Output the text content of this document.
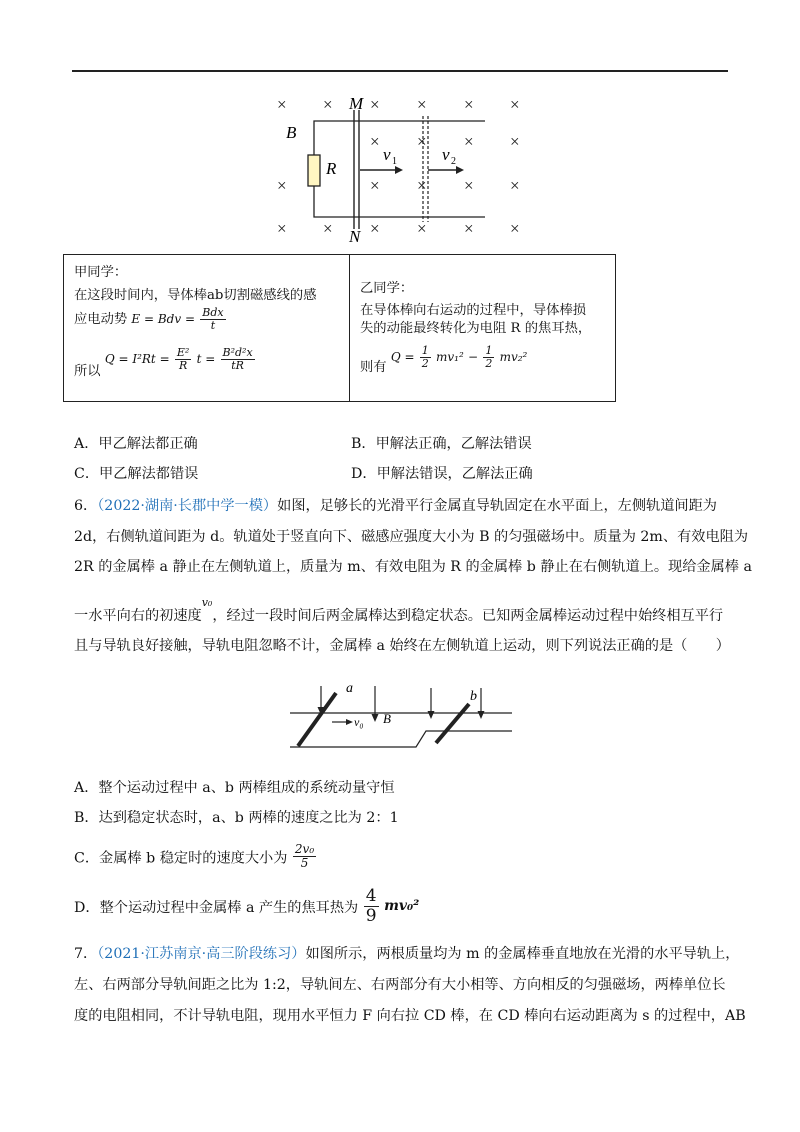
× × × × × ×
× × × ×
×	× × × ×
× × × × × ×
R
B
M
N
v 1	v 2
甲同学：
在这段时间内，导体棒ab切割磁感线的感
应电动势 E = Bdv = $\frac{\text{Bdx}}{t}$
所以 $Q = I^2Rt = \frac{\text{E²}}{R}$ $t = \frac{\text{B²d²x}}{tR}$
乙同学：
在导体棒向右运动的过程中，导体棒损
失的动能最终转化为电阻 R 的焦耳热，
则有 $Q = \frac{1}{2} mv_1^2 - \frac{1}{2} mv_2^2$
A．甲乙解法都正确	B．甲解法正确，乙解法错误
C．甲乙解法都错误	D．甲解法错误，乙解法正确
6．（2022·湖南·长郡中学一模）如图，足够长的光滑平行金属直导轨固定在水平面上，左侧轨道间距为
2d，右侧轨道间距为 d。轨道处于竖直向下、磁感应强度大小为 B 的匀强磁场中。质量为 2m、有效电阻为
2R 的金属棒 a 静止在左侧轨道上，质量为 m、有效电阻为 R 的金属棒 b 静止在右侧轨道上。现给金属棒 a
一水平向右的初速度$^{v_0}$，经过一段时间后两金属棒达到稳定状态。已知两金属棒运动过程中始终相互平行
且与导轨良好接触，导轨电阻忽略不计，金属棒 a 始终在左侧轨道上运动，则下列说法正确的是（　　）
a
b
B
v₀
A．整个运动过程中 a、b 两棒组成的系统动量守恒
B．达到稳定状态时，a、b 两棒的速度之比为 2：1
C．金属棒 b 稳定时的速度大小为 $\frac{\text{2v₀}}{5}$
D．整个运动过程中金属棒 a 产生的焦耳热为 $\frac{4}{9} mv_0^2$
7．（2021·江苏南京·高三阶段练习）如图所示，两根质量均为 m 的金属棒垂直地放在光滑的水平导轨上，
左、右两部分导轨间距之比为 1:2，导轨间左、右两部分有大小相等、方向相反的匀强磁场，两棒单位长
度的电阻相同，不计导轨电阻，现用水平恒力 F 向右拉 CD 棒，在 CD 棒向右运动距离为 s 的过程中，AB
